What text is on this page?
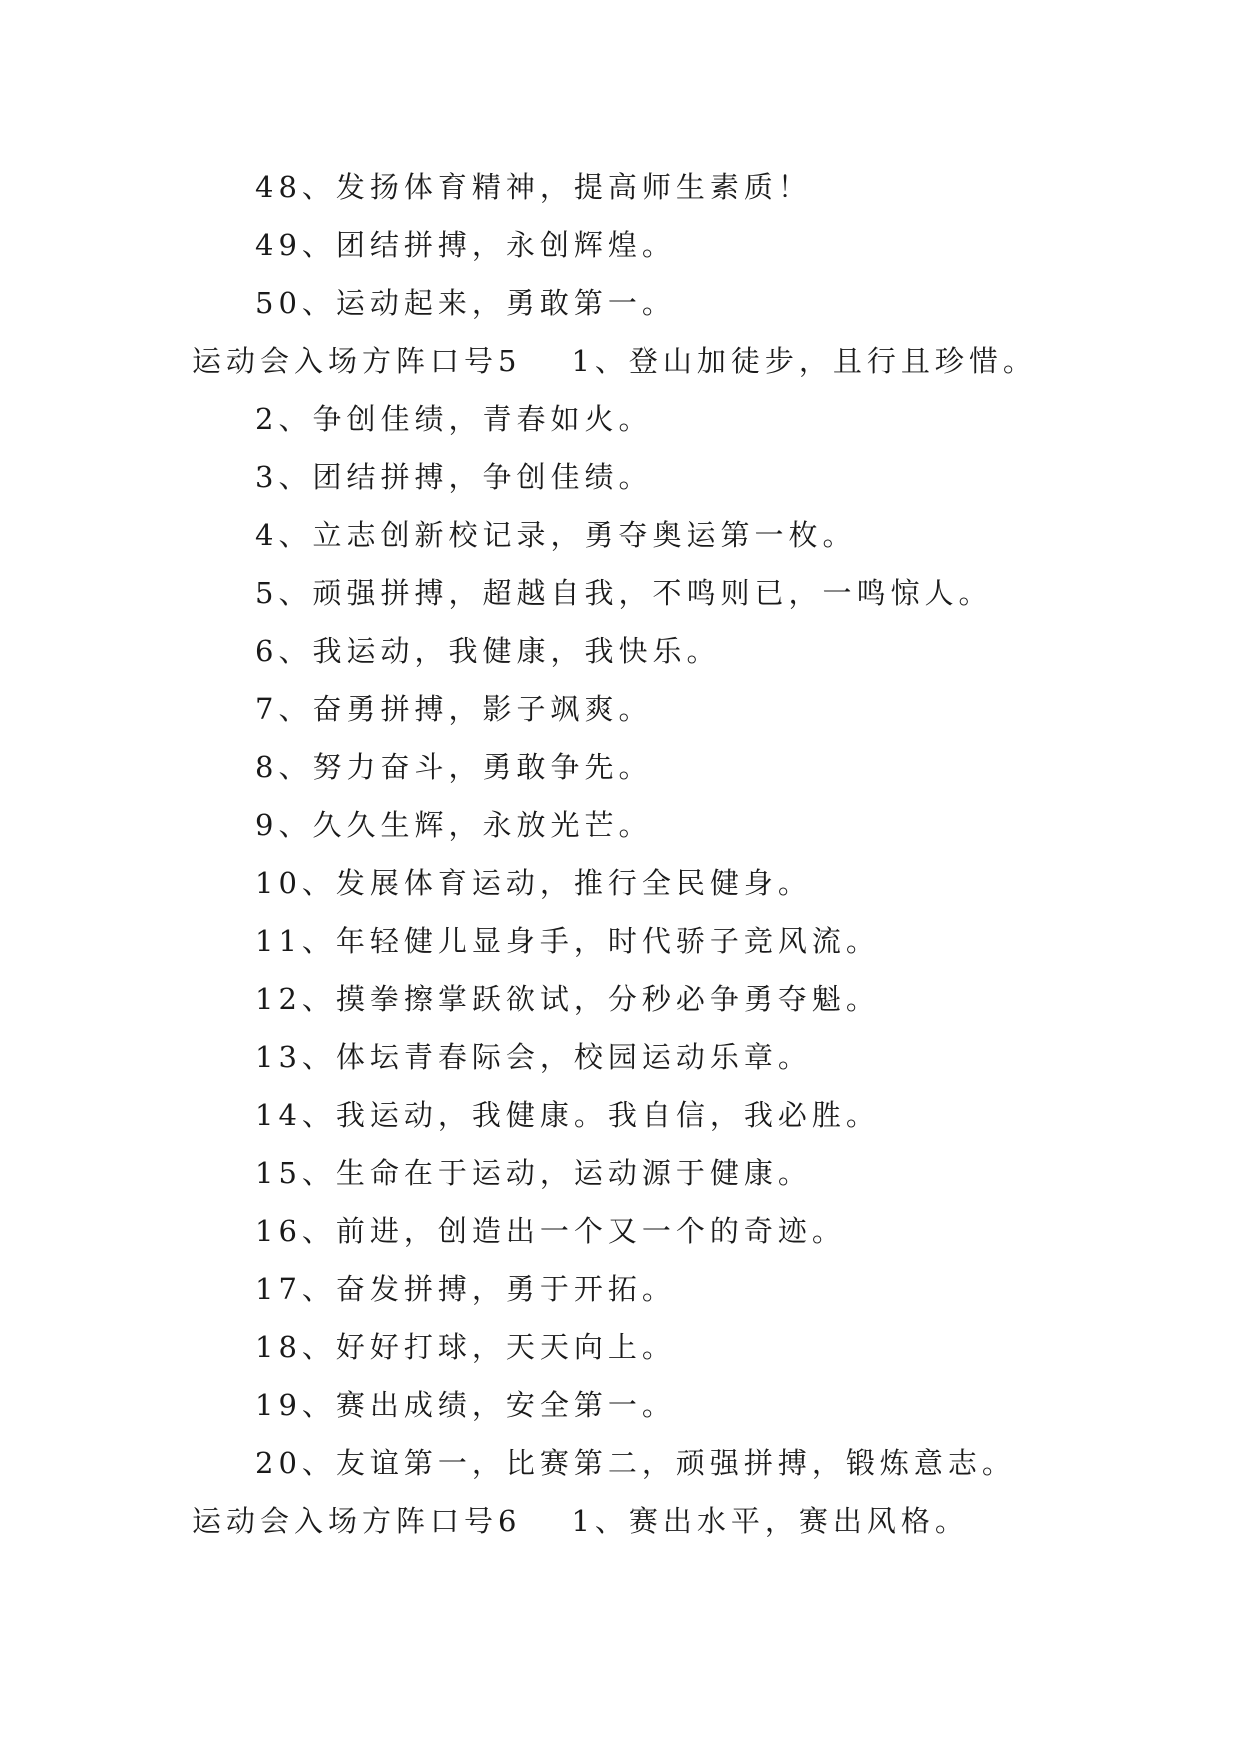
48、发扬体育精神，提高师生素质！
49、团结拼搏，永创辉煌。
50、运动起来，勇敢第一。
运动会入场方阵口号5 1、登山加徒步，且行且珍惜。
2、争创佳绩，青春如火。
3、团结拼搏，争创佳绩。
4、立志创新校记录，勇夺奥运第一枚。
5、顽强拼搏，超越自我，不鸣则已，一鸣惊人。
6、我运动，我健康，我快乐。
7、奋勇拼搏，影子飒爽。
8、努力奋斗，勇敢争先。
9、久久生辉，永放光芒。
10、发展体育运动，推行全民健身。
11、年轻健儿显身手，时代骄子竞风流。
12、摸拳擦掌跃欲试，分秒必争勇夺魁。
13、体坛青春际会，校园运动乐章。
14、我运动，我健康。我自信，我必胜。
15、生命在于运动，运动源于健康。
16、前进，创造出一个又一个的奇迹。
17、奋发拼搏，勇于开拓。
18、好好打球，天天向上。
19、赛出成绩，安全第一。
20、友谊第一，比赛第二，顽强拼搏，锻炼意志。
运动会入场方阵口号6 1、赛出水平，赛出风格。
